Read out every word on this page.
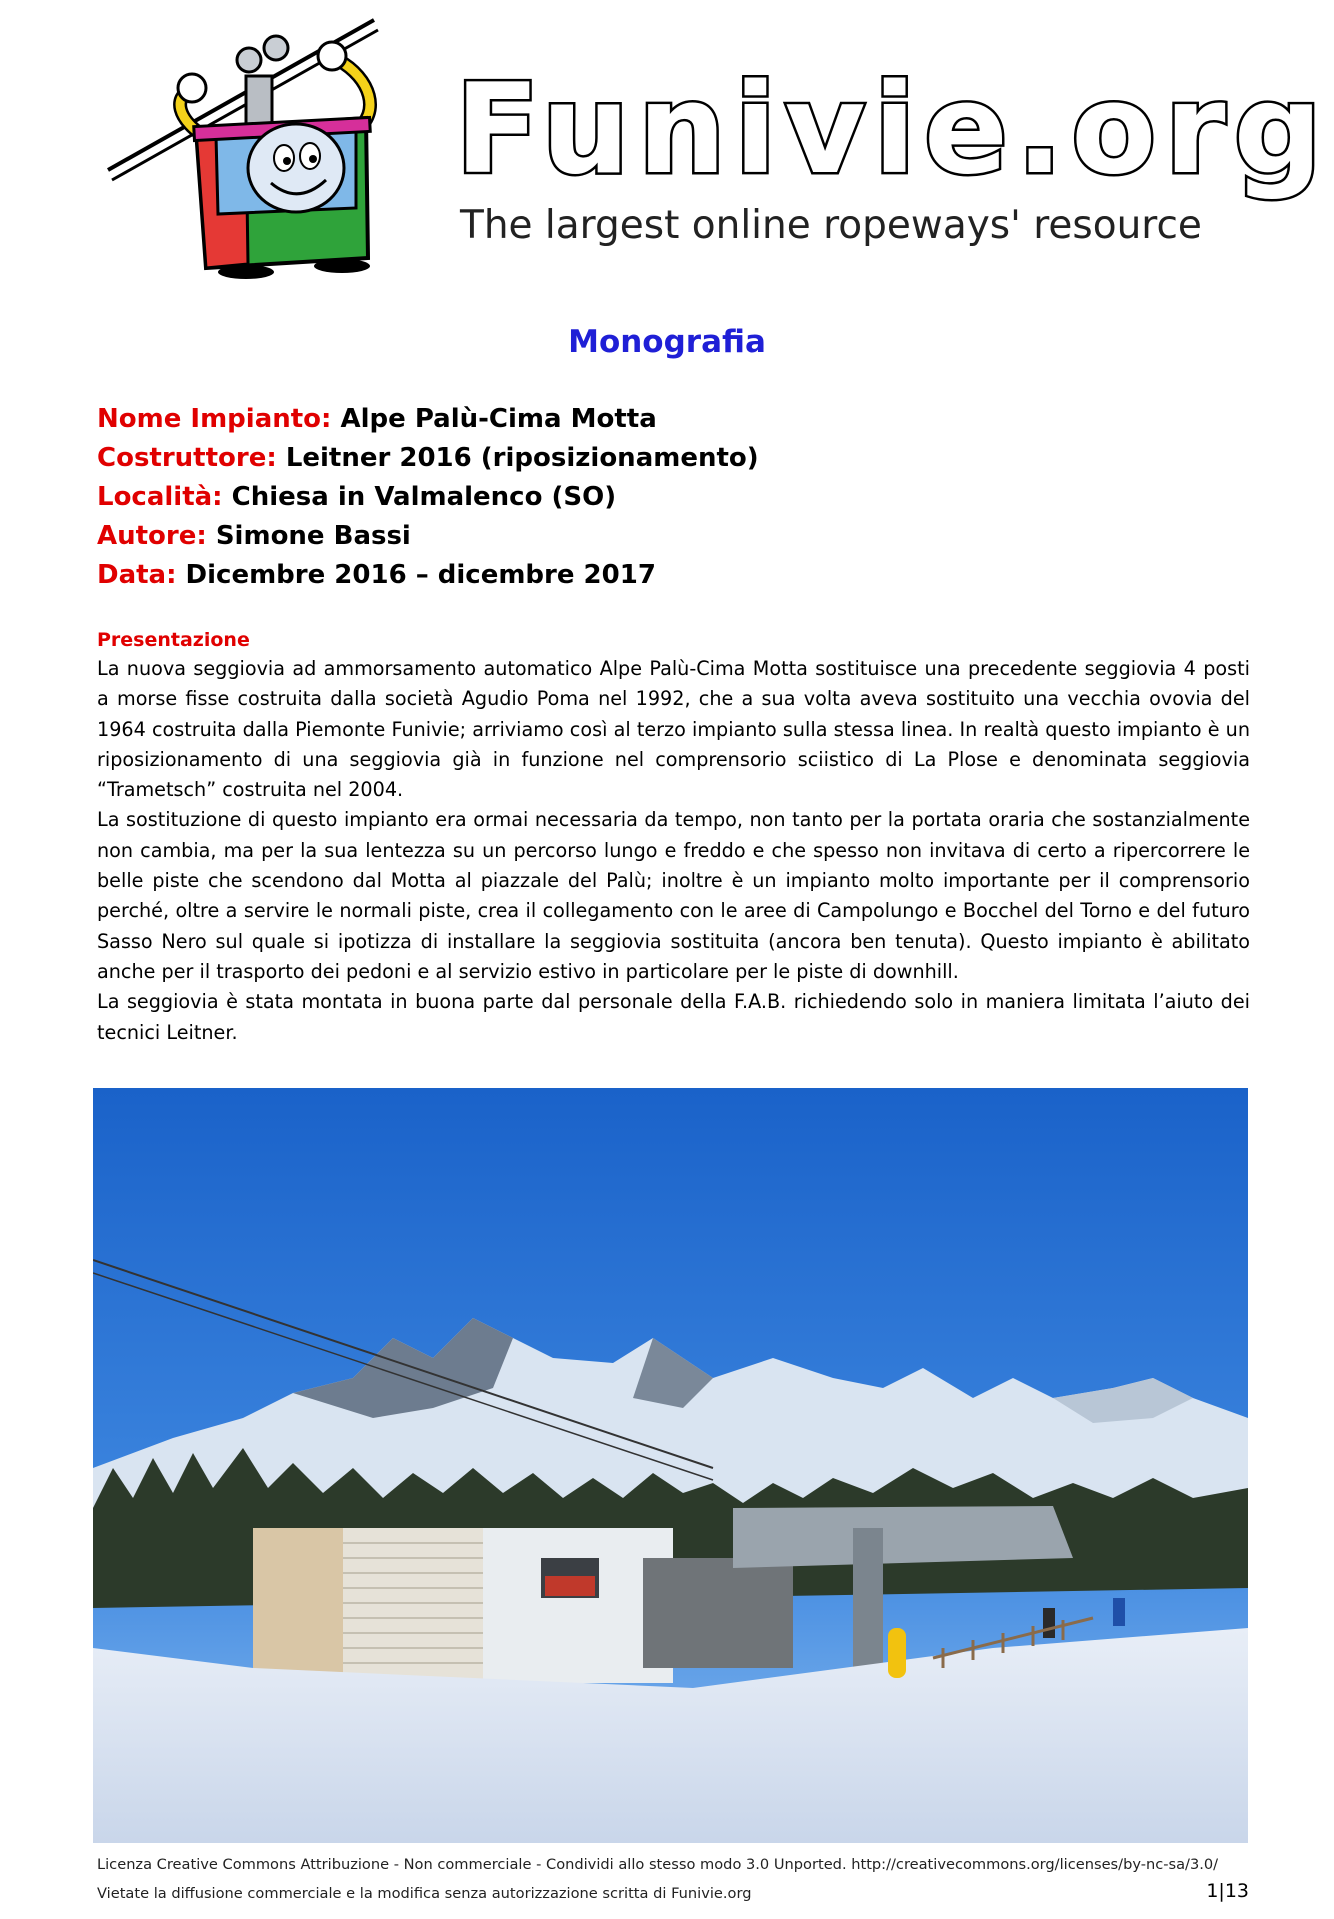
Funivie.org
The largest online ropeways' resource
Monografia
Nome Impianto: Alpe Palù-Cima Motta
Costruttore: Leitner 2016 (riposizionamento)
Località: Chiesa in Valmalenco (SO)
Autore: Simone Bassi
Data: Dicembre 2016 – dicembre 2017
Presentazione

La nuova seggiovia ad ammorsamento automatico Alpe Palù-Cima Motta sostituisce una precedente seggiovia 4 posti a morse fisse costruita dalla società Agudio Poma nel 1992, che a sua volta aveva sostituito una vecchia ovovia del 1964 costruita dalla Piemonte Funivie; arriviamo così al terzo impianto sulla stessa linea. In realtà questo impianto è un riposizionamento di una seggiovia già in funzione nel comprensorio sciistico di La Plose e denominata seggiovia “Trametsch” costruita nel 2004.

La sostituzione di questo impianto era ormai necessaria da tempo, non tanto per la portata oraria che sostanzialmente non cambia, ma per la sua lentezza su un percorso lungo e freddo e che spesso non invitava di certo a ripercorrere le belle piste che scendono dal Motta al piazzale del Palù; inoltre è un impianto molto importante per il comprensorio perché, oltre a servire le normali piste, crea il collegamento con le aree di Campolungo e Bocchel del Torno e del futuro Sasso Nero sul quale si ipotizza di installare la seggiovia sostituita (ancora ben tenuta). Questo impianto è abilitato anche per il trasporto dei pedoni e al servizio estivo in particolare per le piste di downhill.

La seggiovia è stata montata in buona parte dal personale della F.A.B. richiedendo solo in maniera limitata l’aiuto dei tecnici Leitner.

Licenza Creative Commons Attribuzione - Non commerciale - Condividi allo stesso modo 3.0 Unported. http://creativecommons.org/licenses/by-nc-sa/3.0/
Vietate la diffusione commerciale e la modifica senza autorizzazione scritta di Funivie.org	1|13
